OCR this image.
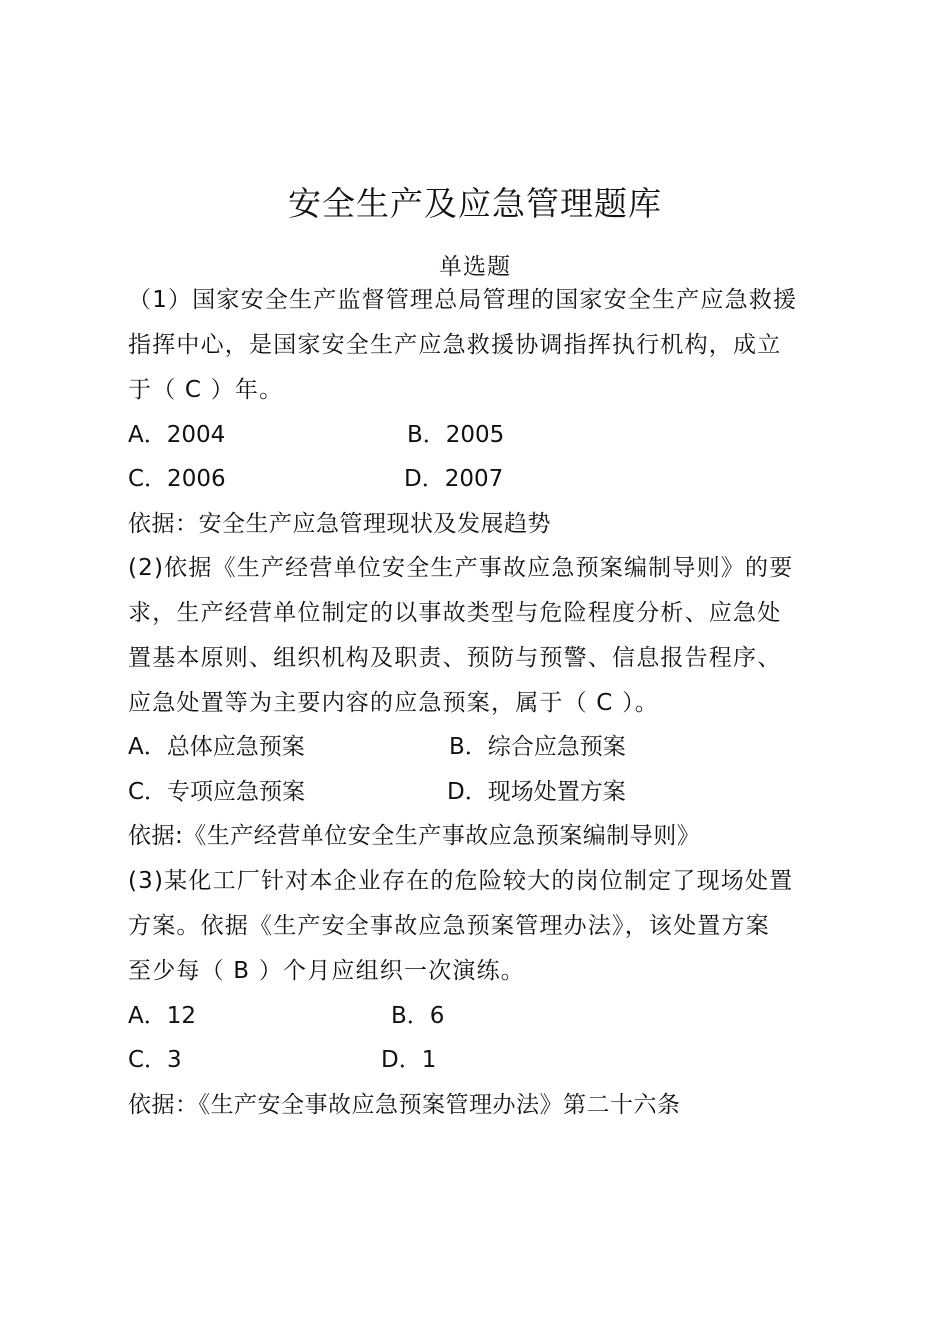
安全生产及应急管理题库
单选题
（1）国家安全生产监督管理总局管理的国家安全生产应急救援
指挥中心，是国家安全生产应急救援协调指挥执行机构，成立
于（ C ）年。
A．2004	B．2005
C．2006	D．2007
依据：安全生产应急管理现状及发展趋势
(2)依据《生产经营单位安全生产事故应急预案编制导则》的要
求，生产经营单位制定的以事故类型与危险程度分析、应急处
置基本原则、组织机构及职责、预防与预警、信息报告程序、
应急处置等为主要内容的应急预案，属于（ C ）。
A．总体应急预案	B．综合应急预案
C．专项应急预案	D．现场处置方案
依据:《生产经营单位安全生产事故应急预案编制导则》
(3)某化工厂针对本企业存在的危险较大的岗位制定了现场处置
方案。依据《生产安全事故应急预案管理办法》，该处置方案
至少每（ B ）个月应组织一次演练。
A．12	B．6
C．3	D．1
依据：《生产安全事故应急预案管理办法》第二十六条
